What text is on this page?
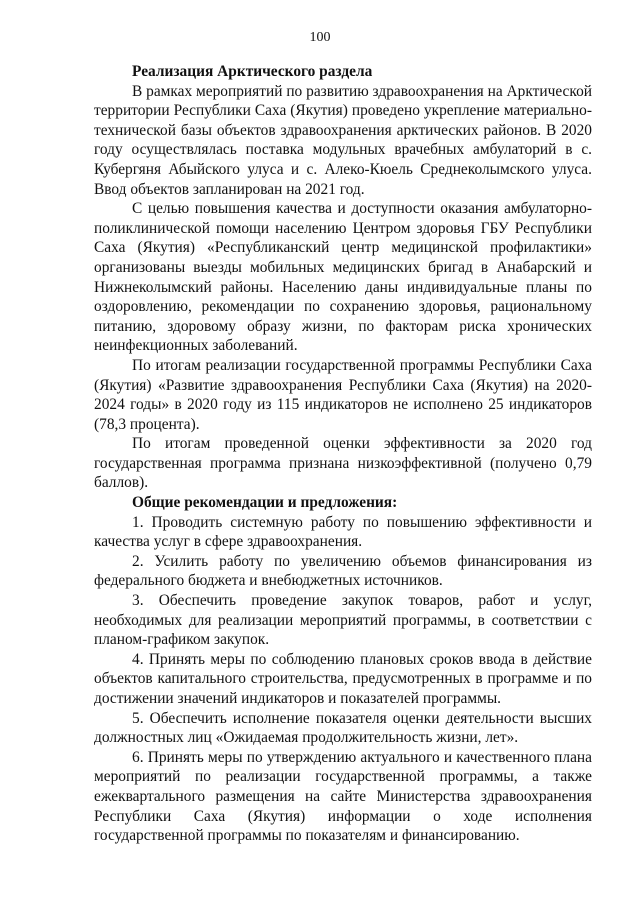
100
Реализация Арктического раздела

В рамках мероприятий по развитию здравоохранения на Арктической территории Республики Саха (Якутия) проведено укрепление материально-технической базы объектов здравоохранения арктических районов. В 2020 году осуществлялась поставка модульных врачебных амбулаторий в с. Кубергяня Абыйского улуса и с. Алеко-Кюель Среднеколымского улуса. Ввод объектов запланирован на 2021 год.

С целью повышения качества и доступности оказания амбулаторно-поликлинической помощи населению Центром здоровья ГБУ Республики Саха (Якутия) «Республиканский центр медицинской профилактики» организованы выезды мобильных медицинских бригад в Анабарский и Нижнеколымский районы. Населению даны индивидуальные планы по оздоровлению, рекомендации по сохранению здоровья, рациональному питанию, здоровому образу жизни, по факторам риска хронических неинфекционных заболеваний.

По итогам реализации государственной программы Республики Саха (Якутия) «Развитие здравоохранения Республики Саха (Якутия) на 2020-2024 годы» в 2020 году из 115 индикаторов не исполнено 25 индикаторов (78,3 процента).

По итогам проведенной оценки эффективности за 2020 год государственная программа признана низкоэффективной (получено 0,79 баллов).

Общие рекомендации и предложения:

1. Проводить системную работу по повышению эффективности и качества услуг в сфере здравоохранения.

2. Усилить работу по увеличению объемов финансирования из федерального бюджета и внебюджетных источников.

3. Обеспечить проведение закупок товаров, работ и услуг, необходимых для реализации мероприятий программы, в соответствии с планом-графиком закупок.

4. Принять меры по соблюдению плановых сроков ввода в действие объектов капитального строительства, предусмотренных в программе и по достижении значений индикаторов и показателей программы.

5. Обеспечить исполнение показателя оценки деятельности высших должностных лиц «Ожидаемая продолжительность жизни, лет».

6. Принять меры по утверждению актуального и качественного плана мероприятий по реализации государственной программы, а также ежеквартального размещения на сайте Министерства здравоохранения Республики Саха (Якутия) информации о ходе исполнения государственной программы по показателям и финансированию.
